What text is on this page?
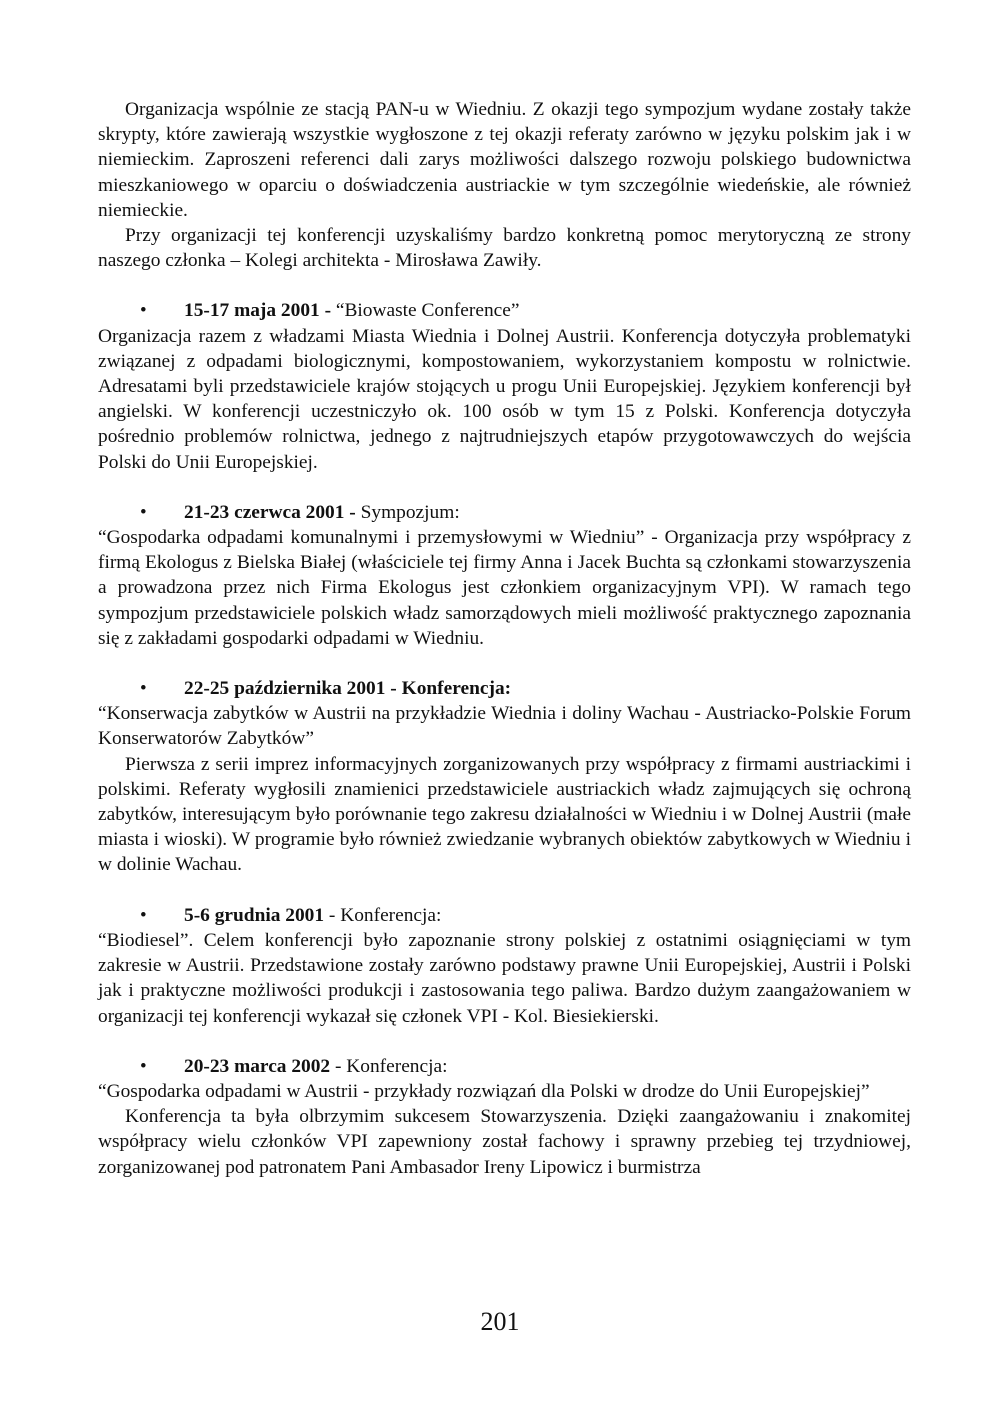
Organizacja wspólnie ze stacją PAN-u w Wiedniu. Z okazji tego sympozjum wydane zostały także skrypty, które zawierają wszystkie wygłoszone z tej okazji referaty zarówno w języku polskim jak i w niemieckim. Zaproszeni referenci dali zarys możliwości dalszego rozwoju polskiego budownictwa mieszkaniowego w oparciu o doświadczenia austriackie w tym szczególnie wiedeńskie, ale również niemieckie.

Przy organizacji tej konferencji uzyskaliśmy bardzo konkretną pomoc merytoryczną ze strony naszego członka – Kolegi architekta - Mirosława Zawiły.

• 15-17 maja 2001 - “Biowaste Conference”

Organizacja razem z władzami Miasta Wiednia i Dolnej Austrii. Konferencja dotyczyła problematyki związanej z odpadami biologicznymi, kompostowaniem, wykorzystaniem kompostu w rolnictwie. Adresatami byli przedstawiciele krajów stojących u progu Unii Europejskiej. Językiem konferencji był angielski. W konferencji uczestniczyło ok. 100 osób w tym 15 z Polski. Konferencja dotyczyła pośrednio problemów rolnictwa, jednego z najtrudniejszych etapów przygotowawczych do wejścia Polski do Unii Europejskiej.

• 21-23 czerwca 2001 - Sympozjum:

“Gospodarka odpadami komunalnymi i przemysłowymi w Wiedniu” - Organizacja przy współpracy z firmą Ekologus z Bielska Białej (właściciele tej firmy Anna i Jacek Buchta są członkami stowarzyszenia a prowadzona przez nich Firma Ekologus jest członkiem organizacyjnym VPI). W ramach tego sympozjum przedstawiciele polskich władz samorządowych mieli możliwość praktycznego zapoznania się z zakładami gospodarki odpadami w Wiedniu.

• 22-25 października 2001 - Konferencja:

“Konserwacja zabytków w Austrii na przykładzie Wiednia i doliny Wachau - Austriacko-Polskie Forum Konserwatorów Zabytków”

Pierwsza z serii imprez informacyjnych zorganizowanych przy współpracy z firmami austriackimi i polskimi. Referaty wygłosili znamienici przedstawiciele austriackich władz zajmujących się ochroną zabytków, interesującym było porównanie tego zakresu działalności w Wiedniu i w Dolnej Austrii (małe miasta i wioski). W programie było również zwiedzanie wybranych obiektów zabytkowych w Wiedniu i w dolinie Wachau.

• 5-6 grudnia 2001 - Konferencja:

“Biodiesel”. Celem konferencji było zapoznanie strony polskiej z ostatnimi osiągnięciami w tym zakresie w Austrii. Przedstawione zostały zarówno podstawy prawne Unii Europejskiej, Austrii i Polski jak i praktyczne możliwości produkcji i zastosowania tego paliwa. Bardzo dużym zaangażowaniem w organizacji tej konferencji wykazał się członek VPI - Kol. Biesiekierski.

• 20-23 marca 2002 - Konferencja:

“Gospodarka odpadami w Austrii - przykłady rozwiązań dla Polski w drodze do Unii Europejskiej”

Konferencja ta była olbrzymim sukcesem Stowarzyszenia. Dzięki zaangażowaniu i znakomitej współpracy wielu członków VPI zapewniony został fachowy i sprawny przebieg tej trzydniowej, zorganizowanej pod patronatem Pani Ambasador Ireny Lipowicz i burmistrza

201
